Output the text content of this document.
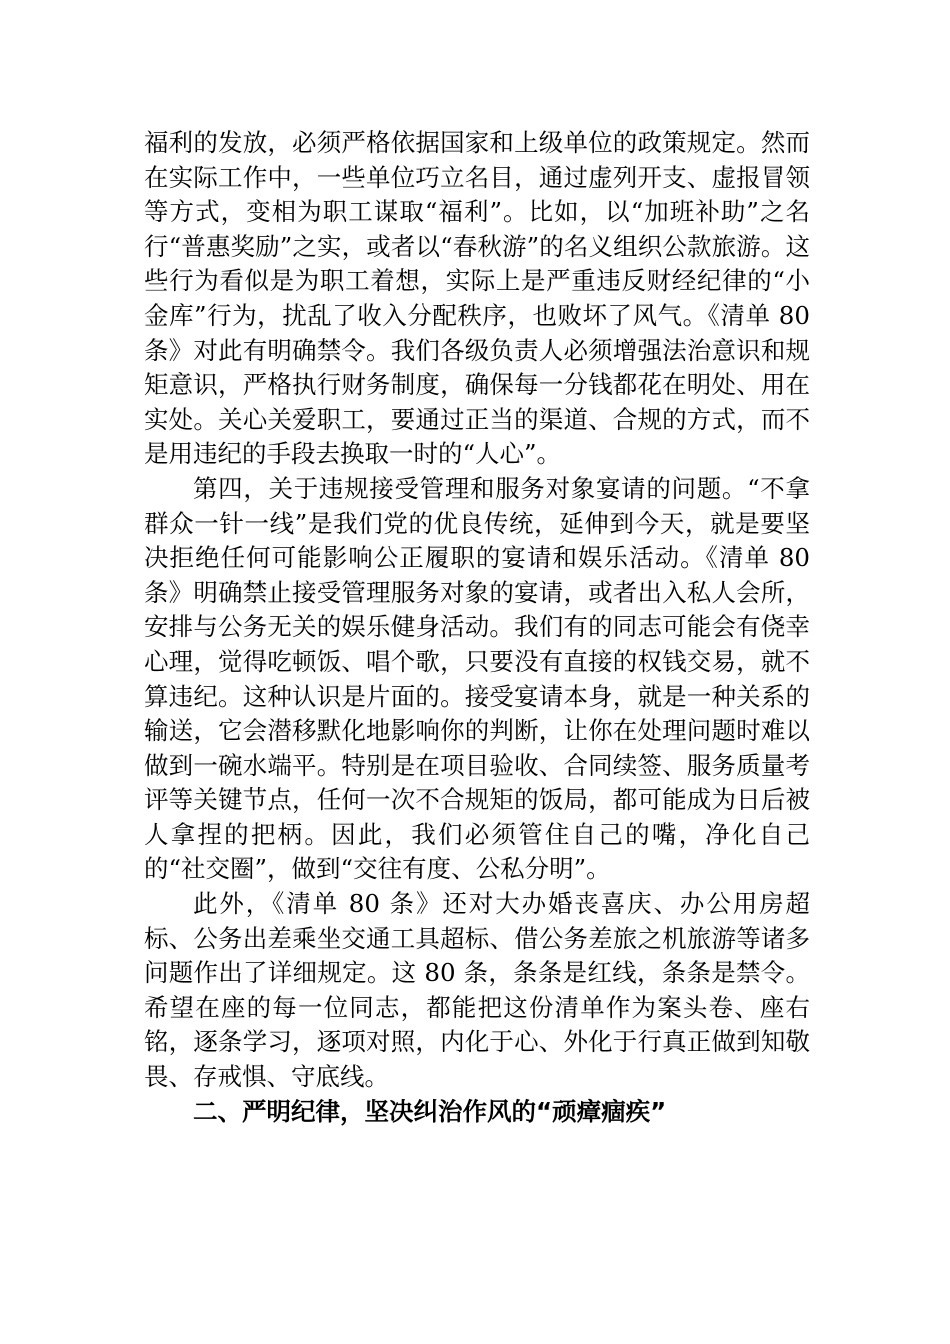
福利的发放，必须严格依据国家和上级单位的政策规定。然而在实际工作中，一些单位巧立名目，通过虚列开支、虚报冒领等方式，变相为职工谋取“福利”。比如，以“加班补助”之名行“普惠奖励”之实，或者以“春秋游”的名义组织公款旅游。这些行为看似是为职工着想，实际上是严重违反财经纪律的“小金库”行为，扰乱了收入分配秩序，也败坏了风气。《清单 80 条》对此有明确禁令。我们各级负责人必须增强法治意识和规矩意识，严格执行财务制度，确保每一分钱都花在明处、用在实处。关心关爱职工，要通过正当的渠道、合规的方式，而不是用违纪的手段去换取一时的“人心”。

第四，关于违规接受管理和服务对象宴请的问题。“不拿群众一针一线”是我们党的优良传统，延伸到今天，就是要坚决拒绝任何可能影响公正履职的宴请和娱乐活动。《清单 80 条》明确禁止接受管理服务对象的宴请，或者出入私人会所，安排与公务无关的娱乐健身活动。我们有的同志可能会有侥幸心理，觉得吃顿饭、唱个歌，只要没有直接的权钱交易，就不算违纪。这种认识是片面的。接受宴请本身，就是一种关系的输送，它会潜移默化地影响你的判断，让你在处理问题时难以做到一碗水端平。特别是在项目验收、合同续签、服务质量考评等关键节点，任何一次不合规矩的饭局，都可能成为日后被人拿捏的把柄。因此，我们必须管住自己的嘴，净化自己的“社交圈”，做到“交往有度、公私分明”。

此外，《清单 80 条》还对大办婚丧喜庆、办公用房超标、公务出差乘坐交通工具超标、借公务差旅之机旅游等诸多问题作出了详细规定。这 80 条，条条是红线，条条是禁令。希望在座的每一位同志，都能把这份清单作为案头卷、座右铭，逐条学习，逐项对照，内化于心、外化于行真正做到知敬畏、存戒惧、守底线。

二、严明纪律，坚决纠治作风的“顽瘴痼疾”
